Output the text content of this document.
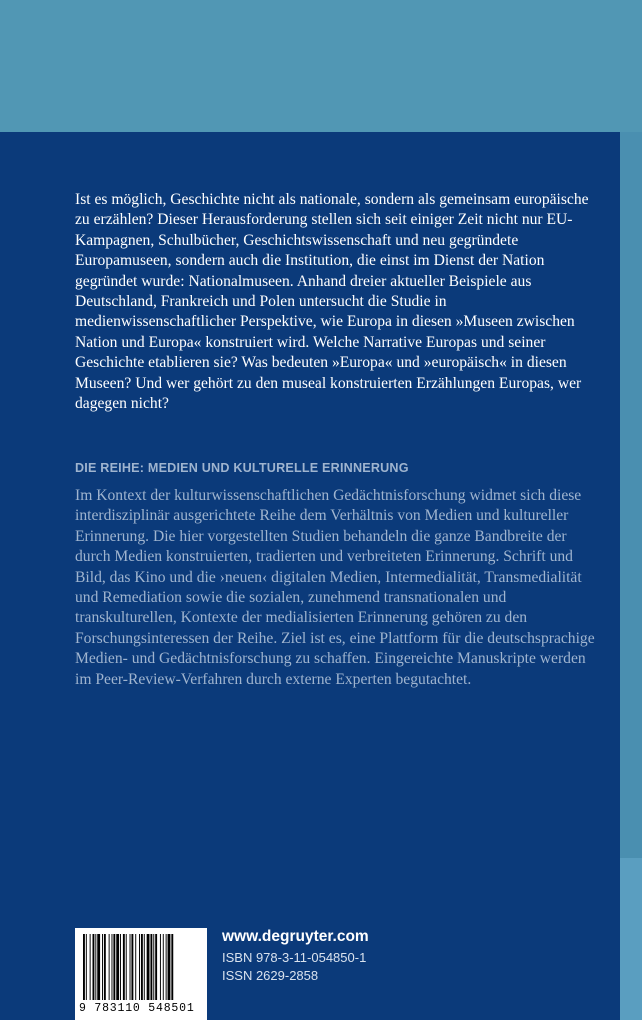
Ist es möglich, Geschichte nicht als nationale, sondern als gemeinsam europäische zu erzählen? Dieser Herausforderung stellen sich seit einiger Zeit nicht nur EU-Kampagnen, Schulbücher, Geschichtswissenschaft und neu gegründete Europamuseen, sondern auch die Institution, die einst im Dienst der Nation gegründet wurde: Nationalmuseen. Anhand dreier aktueller Beispiele aus Deutschland, Frankreich und Polen untersucht die Studie in medienwissenschaftlicher Perspektive, wie Europa in diesen »Museen zwischen Nation und Europa« konstruiert wird. Welche Narrative Europas und seiner Geschichte etablieren sie? Was bedeuten »Europa« und »europäisch« in diesen Museen? Und wer gehört zu den museal konstruierten Erzählungen Europas, wer dagegen nicht?

DIE REIHE: MEDIEN UND KULTURELLE ERINNERUNG

Im Kontext der kulturwissenschaftlichen Gedächtnisforschung widmet sich diese interdisziplinär ausgerichtete Reihe dem Verhältnis von Medien und kultureller Erinnerung. Die hier vorgestellten Studien behandeln die ganze Bandbreite der durch Medien konstruierten, tradierten und verbreiteten Erinnerung. Schrift und Bild, das Kino und die ›neuen‹ digitalen Medien, Intermedialität, Transmedialität und Remediation sowie die sozialen, zunehmend transnationalen und transkulturellen, Kontexte der medialisierten Erinnerung gehören zu den Forschungsinteressen der Reihe. Ziel ist es, eine Plattform für die deutschsprachige Medien- und Gedächtnisforschung zu schaffen. Eingereichte Manuskripte werden im Peer-Review-Verfahren durch externe Experten begutachtet.

9 783110 548501
www.degruyter.com
ISBN 978-3-11-054850-1
ISSN 2629-2858
